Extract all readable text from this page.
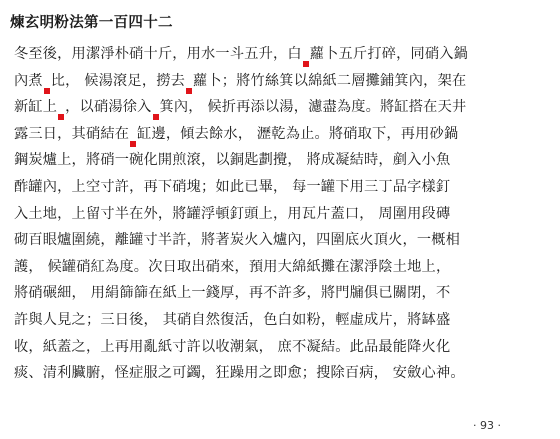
煉玄明粉法第一百四十二
冬至後，用潔淨朴硝十斤，用水一斗五升，白 蘿卜五斤打碎，同硝入鍋
內煮 比， 候湯滾足，撈去 蘿卜；將竹絲箕以綿紙二層攤鋪箕內，架在
新缸上 ，以硝湯徐入 箕內， 候折再添以湯，濾盡為度。將缸搭在天井
露三日，其硝結在 缸邊，傾去餘水， 瀝乾為止。將硝取下，再用砂鍋
鋼炭爐上，將硝一碗化開煎滾，以銅匙劃攪， 將成凝結時，剷入小魚
酢罐內，上空寸許，再下硝塊；如此已畢， 每一罐下用三丁品字樣釘
入土地，上留寸半在外，將罐浮頓釘頭上，用瓦片蓋口， 周圍用段磚
砌百眼爐圍繞，離罐寸半許，將著炭火入爐內，四圍底火頂火，一概相
護， 候罐硝紅為度。次日取出硝來，預用大綿紙攤在潔淨陰土地上，
將硝碾細， 用絹篩篩在紙上一錢厚，再不許多，將門牖俱已關閉，不
許與人見之；三日後， 其硝自然復活，色白如粉，輕虛成片，將缽盛
收，紙蓋之，上再用亂紙寸許以收潮氣， 庶不凝結。此品最能降火化
痰、清利臟腑，怪症服之可蠲，狂躁用之即愈；搜除百病， 安斂心神。
· 93 ·
